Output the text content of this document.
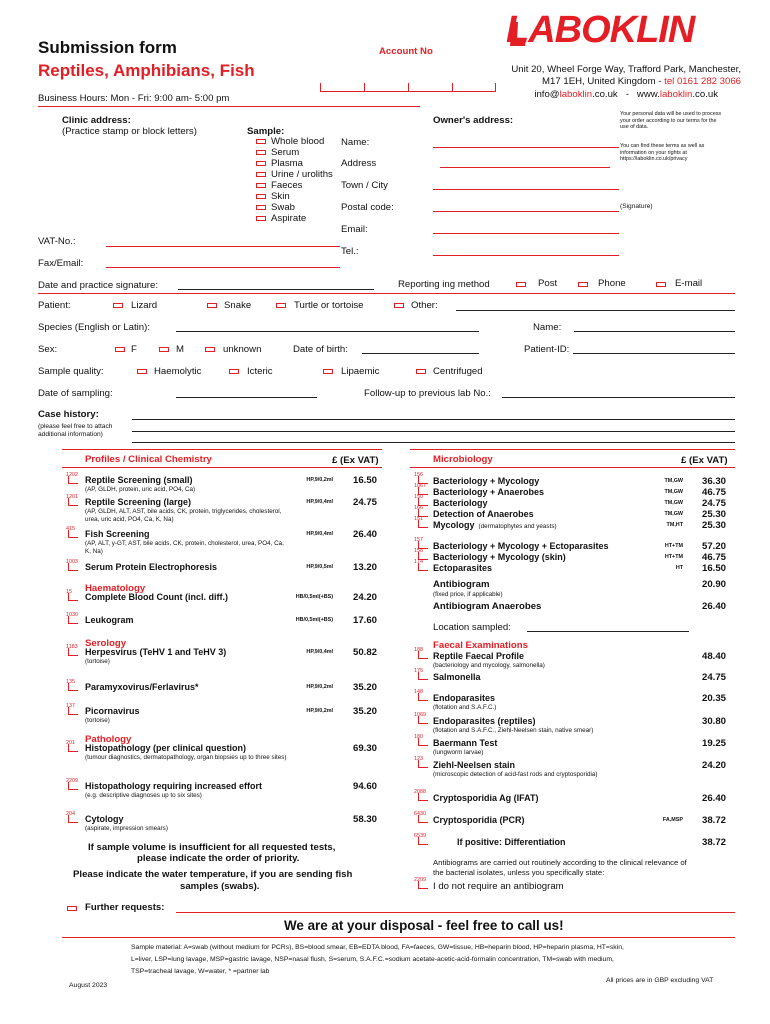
Submission form
Reptiles, Amphibians, Fish
Account No
LABOKLIN
Unit 20, Wheel Forge Way, Trafford Park, Manchester,
M17 1EH, United Kingdom - tel 0161 282 3066
info@laboklin.co.uk - www.laboklin.co.uk
Business Hours: Mon - Fri: 9:00 am- 5:00 pm
Clinic address:
(Practice stamp or block letters)	Sample:
Whole blood
Serum
Plasma
Urine / uroliths
Faeces
Skin
Swab
Aspirate
VAT-No.:
Fax/Email:
Date and practice signature:
Owner's address:
Your personal data will be used to process your order according to our terms for the use of data.
You can find these terms as well as information on your rights at https://laboklin.co.uk/privacy
Name:
Address
Town / City
Postal code:	(Signature)
Email:
Tel.:
Reporting ing method	Post	Phone	E-mail
Patient:	Lizard	Snake	Turtle or tortoise	Other:
Species (English or Latin):	Name:
Sex:	F	M	unknown	Date of birth:	Patient-ID:
Sample quality:	Haemolytic	Icteric	Lipaemic	Centrifuged
Date of sampling:	Follow-up to previous lab No.:
Case history:
(please feel free to attach
additional information)
Profiles / Clinical Chemistry	£ (Ex VAT)
1202 Reptile Screening (small)	HP,9/0,2ml	16.50
(AP, GLDH, protein, uric acid, PO4, Ca)
1201 Reptile Screening (large)	HP,9/0,4ml	24.75
(AP, GLDH, ALT, AST, bile acids, CK, protein, triglycerides, cholesterol,
urea, uric acid, PO4, Ca, K, Na)
415 Fish Screening	HP,9/0,4ml	26.40
(AP, ALT, y-GT, AST, bile acids, CK, protein, cholesterol, urea, PO4, Ca,
K, Na)
1003 Serum Protein Electrophoresis	HP,9/0,5ml	13.20
Haematology
15 Complete Blood Count (incl. diff.)	HB/0,5ml(+BS)	24.20
1030 Leukogram	HB/0,5ml(+BS)	17.60
Serology
1183 Herpesvirus (TeHV 1 and TeHV 3)	HP,9/0,4ml	50.82
(tortoise)
135 Paramyxovirus/Ferlavirus*	HP,9/0,2ml	35.20
137 Picornavirus	HP,9/0,2ml	35.20
(tortoise)
Pathology
201 Histopathology (per clinical question)	69.30
(tumour diagnostics, dermatopathology, organ biopsies up to three sites)
2209 Histopathology requiring increased effort	94.60
(e.g. descriptive diagnoses up to six sites)
204 Cytology	58.30
(aspirate, impression smears)
If sample volume is insufficient for all requested tests,
please indicate the order of priority.
Please indicate the water temperature, if you are sending fish
samples (swabs).
Microbiology	£ (Ex VAT)
156
Bacteriology + Mycology	TM,GW	36.30
1067
Bacteriology + Anaerobes	TM,GW	46.75
150
Bacteriology	TM,GW	24.75
166
Detection of Anaerobes	TM,GW	25.30
151
Mycology (dermatophytes and yeasts)	TM,HT	25.30
157
Bacteriology + Mycology + Ectoparasites	HT+TM	57.20
158
Bacteriology + Mycology (skin)	HT+TM	46.75
174
Ectoparasites	HT	16.50
Antibiogram	20.90
(fixed price, if applicable)
Antibiogram Anaerobes	26.40
Location sampled:
Faecal Examinations
188
Reptile Faecal Profile	48.40
(bacteriology and mycology, salmonella)
175
Salmonella	24.75
148
Endoparasites	20.35
(flotation and S.A.F.C.)
1069
Endoparasites (reptiles)	30.80
(flotation and S.A.F.C., Ziehl-Neelsen stain, native smear)
180
Baermann Test	19.25
(lungworm larvae)
123
Ziehl-Neelsen stain	24.20
(microscopic detection of acid-fast rods and cryptosporidia)
2088
Cryptosporidia Ag (IFAT)	26.40
6430
Cryptosporidia (PCR)	FA,MSP	38.72
6539
If positive: Differentiation	38.72
Antibiograms are carried out routinely according to the clinical relevance of
the bacterial isolates, unless you specifically state:
2209
I do not require an antibiogram
Further requests:
We are at your disposal - feel free to call us!
Sample material: A=swab (without medium for PCRs), BS=blood smear, EB=EDTA blood, FA=faeces, GW=tissue, HB=heparin blood, HP=heparin plasma, HT=skin,
L=liver, LSP=lung lavage, MSP=gastric lavage, NSP=nasal flush, S=serum, S.A.F.C.=sodium acetate-acetic-acid-formalin concentration, TM=swab with medium,
TSP=tracheal lavage, W=water, * =partner lab
August 2023
All prices are in GBP excluding VAT
